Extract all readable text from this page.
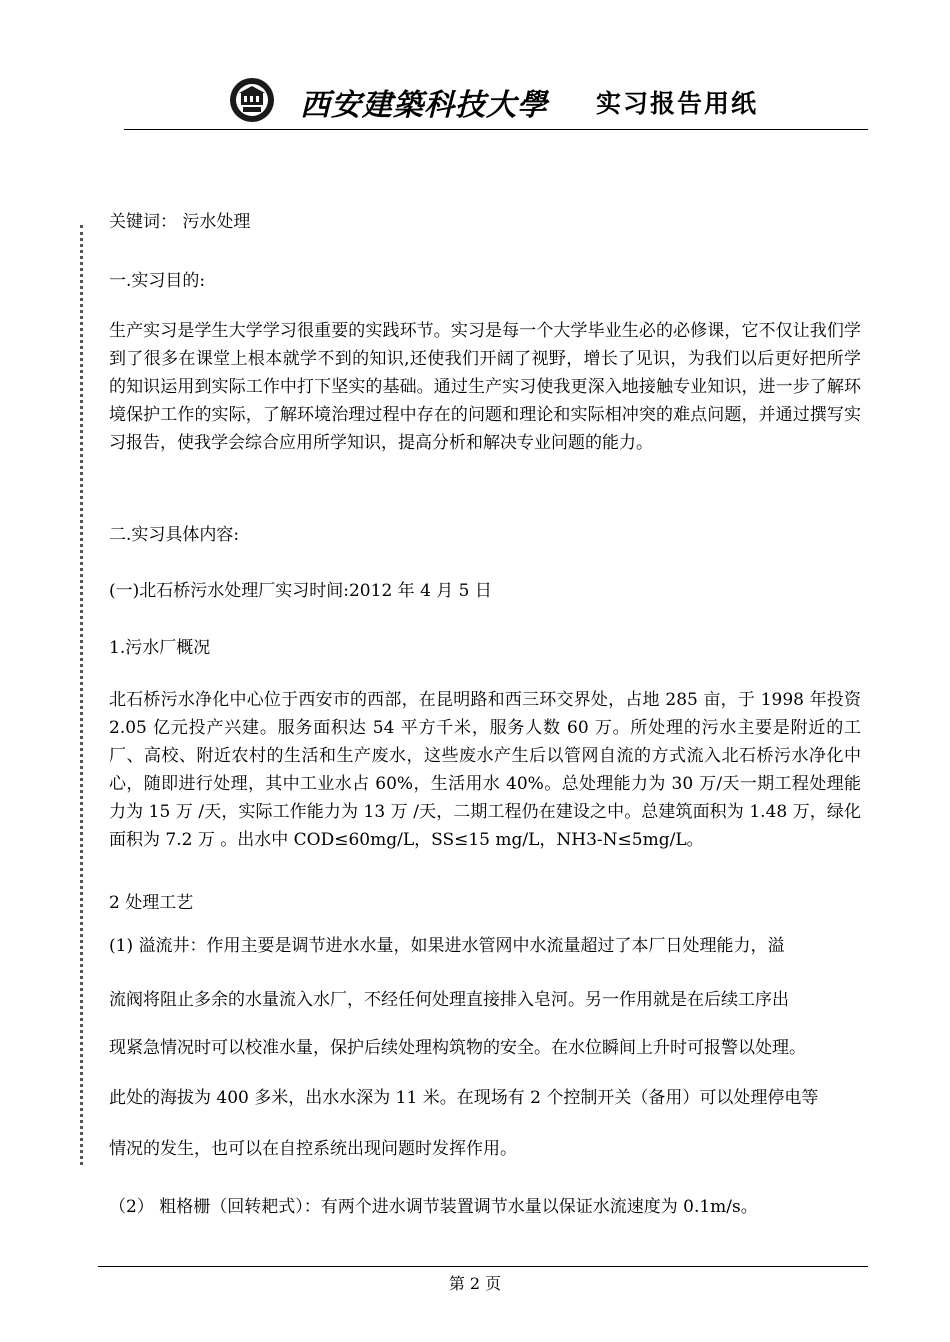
西安建築科技大學 实习报告用纸
关键词： 污水处理
一.实习目的:
生产实习是学生大学学习很重要的实践环节。实习是每一个大学毕业生必的必修课，它不仅让我们学到了很多在课堂上根本就学不到的知识,还使我们开阔了视野，增长了见识，为我们以后更好把所学的知识运用到实际工作中打下坚实的基础。通过生产实习使我更深入地接触专业知识，进一步了解环境保护工作的实际，了解环境治理过程中存在的问题和理论和实际相冲突的难点问题，并通过撰写实习报告，使我学会综合应用所学知识，提高分析和解决专业问题的能力。
二.实习具体内容:
(一)北石桥污水处理厂实习时间:2012 年 4 月 5 日
1.污水厂概况
北石桥污水净化中心位于西安市的西部，在昆明路和西三环交界处，占地 285 亩，于 1998 年投资 2.05 亿元投产兴建。服务面积达 54 平方千米，服务人数 60 万。所处理的污水主要是附近的工厂、高校、附近农村的生活和生产废水，这些废水产生后以管网自流的方式流入北石桥污水净化中心，随即进行处理，其中工业水占 60%，生活用水 40%。总处理能力为 30 万/天一期工程处理能力为 15 万 /天，实际工作能力为 13 万 /天，二期工程仍在建设之中。总建筑面积为 1.48 万，绿化面积为 7.2 万 。出水中 COD≤60mg/L，SS≤15 mg/L，NH3-N≤5mg/L。
2 处理工艺
(1) 溢流井：作用主要是调节进水水量，如果进水管网中水流量超过了本厂日处理能力，溢
流阀将阻止多余的水量流入水厂，不经任何处理直接排入皂河。另一作用就是在后续工序出
现紧急情况时可以校准水量，保护后续处理构筑物的安全。在水位瞬间上升时可报警以处理。
此处的海拔为 400 多米，出水水深为 11 米。在现场有 2 个控制开关（备用）可以处理停电等
情况的发生，也可以在自控系统出现问题时发挥作用。
（2） 粗格栅（回转耙式）：有两个进水调节装置调节水量以保证水流速度为 0.1m/s。
第 2 页
